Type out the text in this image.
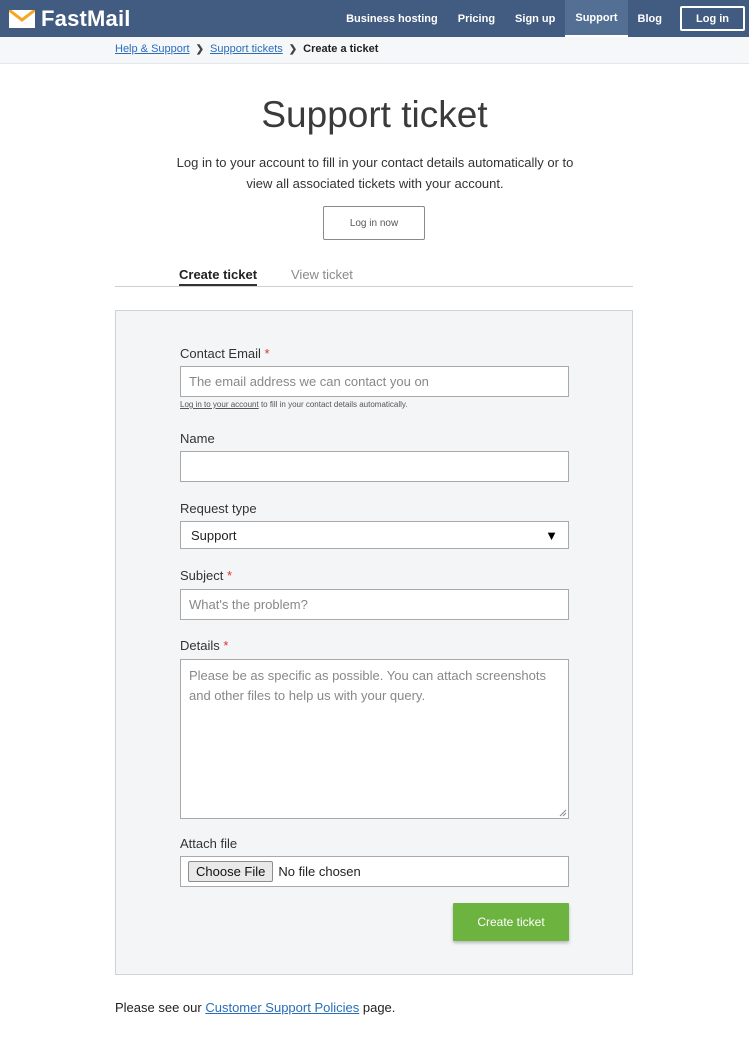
FastMail	Business hosting	Pricing	Sign up	Support	Blog	Log in
Help & Support ❯ Support tickets ❯ Create a ticket
Support ticket

Log in to your account to fill in your contact details automatically or to view all associated tickets with your account.

Log in now
Create ticket	View ticket
Contact Email *
The email address we can contact you on
Log in to your account to fill in your contact details automatically.
Name
Request type
Support	▼
Subject *
What's the problem?
Details *
Please be as specific as possible. You can attach screenshots and other files to help us with your query.
Attach file
Choose File	No file chosen
Create ticket
Please see our Customer Support Policies page.
